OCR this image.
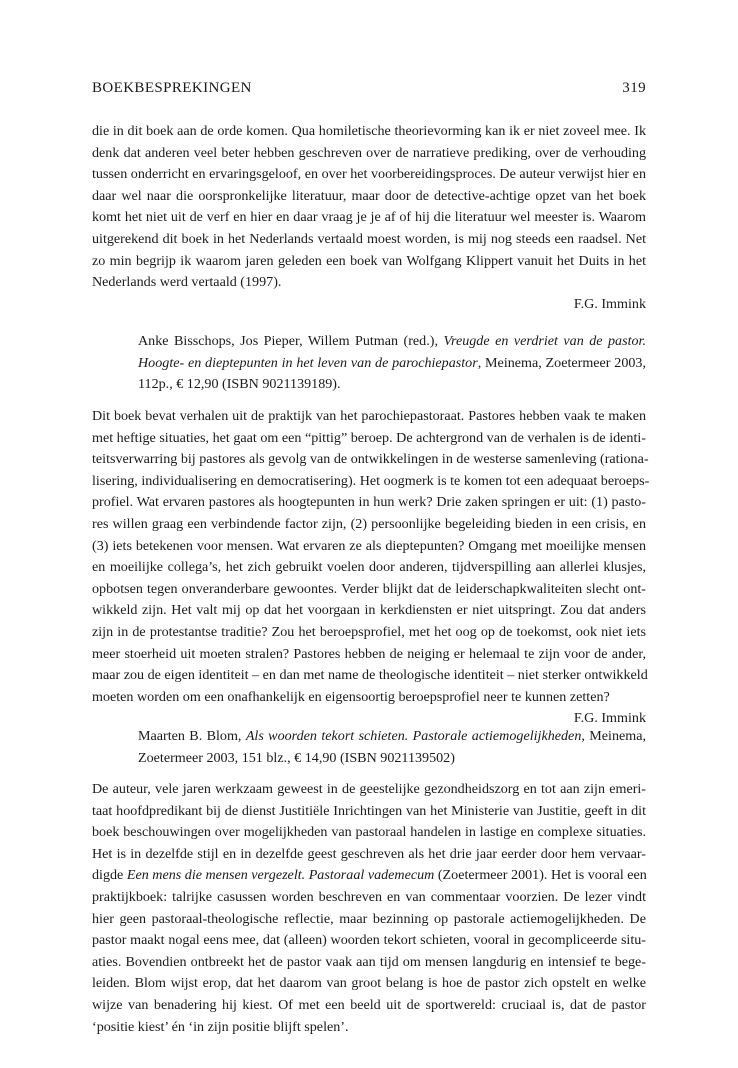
BOEKBESPREKINGEN	319
die in dit boek aan de orde komen. Qua homiletische theorievorming kan ik er niet zoveel mee. Ik
denk dat anderen veel beter hebben geschreven over de narratieve prediking, over de verhouding
tussen onderricht en ervaringsgeloof, en over het voorbereidingsproces. De auteur verwijst hier en
daar wel naar die oorspronkelijke literatuur, maar door de detective-achtige opzet van het boek
komt het niet uit de verf en hier en daar vraag je je af of hij die literatuur wel meester is. Waarom
uitgerekend dit boek in het Nederlands vertaald moest worden, is mij nog steeds een raadsel. Net
zo min begrijp ik waarom jaren geleden een boek van Wolfgang Klippert vanuit het Duits in het
Nederlands werd vertaald (1997).
F.G. Immink
Anke Bisschops, Jos Pieper, Willem Putman (red.), Vreugde en verdriet van de pastor.
Hoogte- en dieptepunten in het leven van de parochiepastor, Meinema, Zoetermeer 2003,
112p., € 12,90 (ISBN 9021139189).
Dit boek bevat verhalen uit de praktijk van het parochiepastoraat. Pastores hebben vaak te maken
met heftige situaties, het gaat om een “pittig” beroep. De achtergrond van de verhalen is de identi-
teitsverwarring bij pastores als gevolg van de ontwikkelingen in de westerse samenleving (rationa-
lisering, individualisering en democratisering). Het oogmerk is te komen tot een adequaat beroeps-
profiel. Wat ervaren pastores als hoogtepunten in hun werk? Drie zaken springen er uit: (1) pasto-
res willen graag een verbindende factor zijn, (2) persoonlijke begeleiding bieden in een crisis, en
(3) iets betekenen voor mensen. Wat ervaren ze als dieptepunten? Omgang met moeilijke mensen
en moeilijke collega’s, het zich gebruikt voelen door anderen, tijdverspilling aan allerlei klusjes,
opbotsen tegen onveranderbare gewoontes. Verder blijkt dat de leiderschapkwaliteiten slecht ont-
wikkeld zijn. Het valt mij op dat het voorgaan in kerkdiensten er niet uitspringt. Zou dat anders
zijn in de protestantse traditie? Zou het beroepsprofiel, met het oog op de toekomst, ook niet iets
meer stoerheid uit moeten stralen? Pastores hebben de neiging er helemaal te zijn voor de ander,
maar zou de eigen identiteit – en dan met name de theologische identiteit – niet sterker ontwikkeld
moeten worden om een onafhankelijk en eigensoortig beroepsprofiel neer te kunnen zetten?
F.G. Immink
Maarten B. Blom, Als woorden tekort schieten. Pastorale actiemogelijkheden, Meinema,
Zoetermeer 2003, 151 blz., € 14,90 (ISBN 9021139502)
De auteur, vele jaren werkzaam geweest in de geestelijke gezondheidszorg en tot aan zijn emeri-
taat hoofdpredikant bij de dienst Justitiële Inrichtingen van het Ministerie van Justitie, geeft in dit
boek beschouwingen over mogelijkheden van pastoraal handelen in lastige en complexe situaties.
Het is in dezelfde stijl en in dezelfde geest geschreven als het drie jaar eerder door hem vervaar-
digde Een mens die mensen vergezelt. Pastoraal vademecum (Zoetermeer 2001). Het is vooral een
praktijkboek: talrijke casussen worden beschreven en van commentaar voorzien. De lezer vindt
hier geen pastoraal-theologische reflectie, maar bezinning op pastorale actiemogelijkheden. De
pastor maakt nogal eens mee, dat (alleen) woorden tekort schieten, vooral in gecompliceerde situ-
aties. Bovendien ontbreekt het de pastor vaak aan tijd om mensen langdurig en intensief te bege-
leiden. Blom wijst erop, dat het daarom van groot belang is hoe de pastor zich opstelt en welke
wijze van benadering hij kiest. Of met een beeld uit de sportwereld: cruciaal is, dat de pastor
‘positie kiest’ én ‘in zijn positie blijft spelen’.
